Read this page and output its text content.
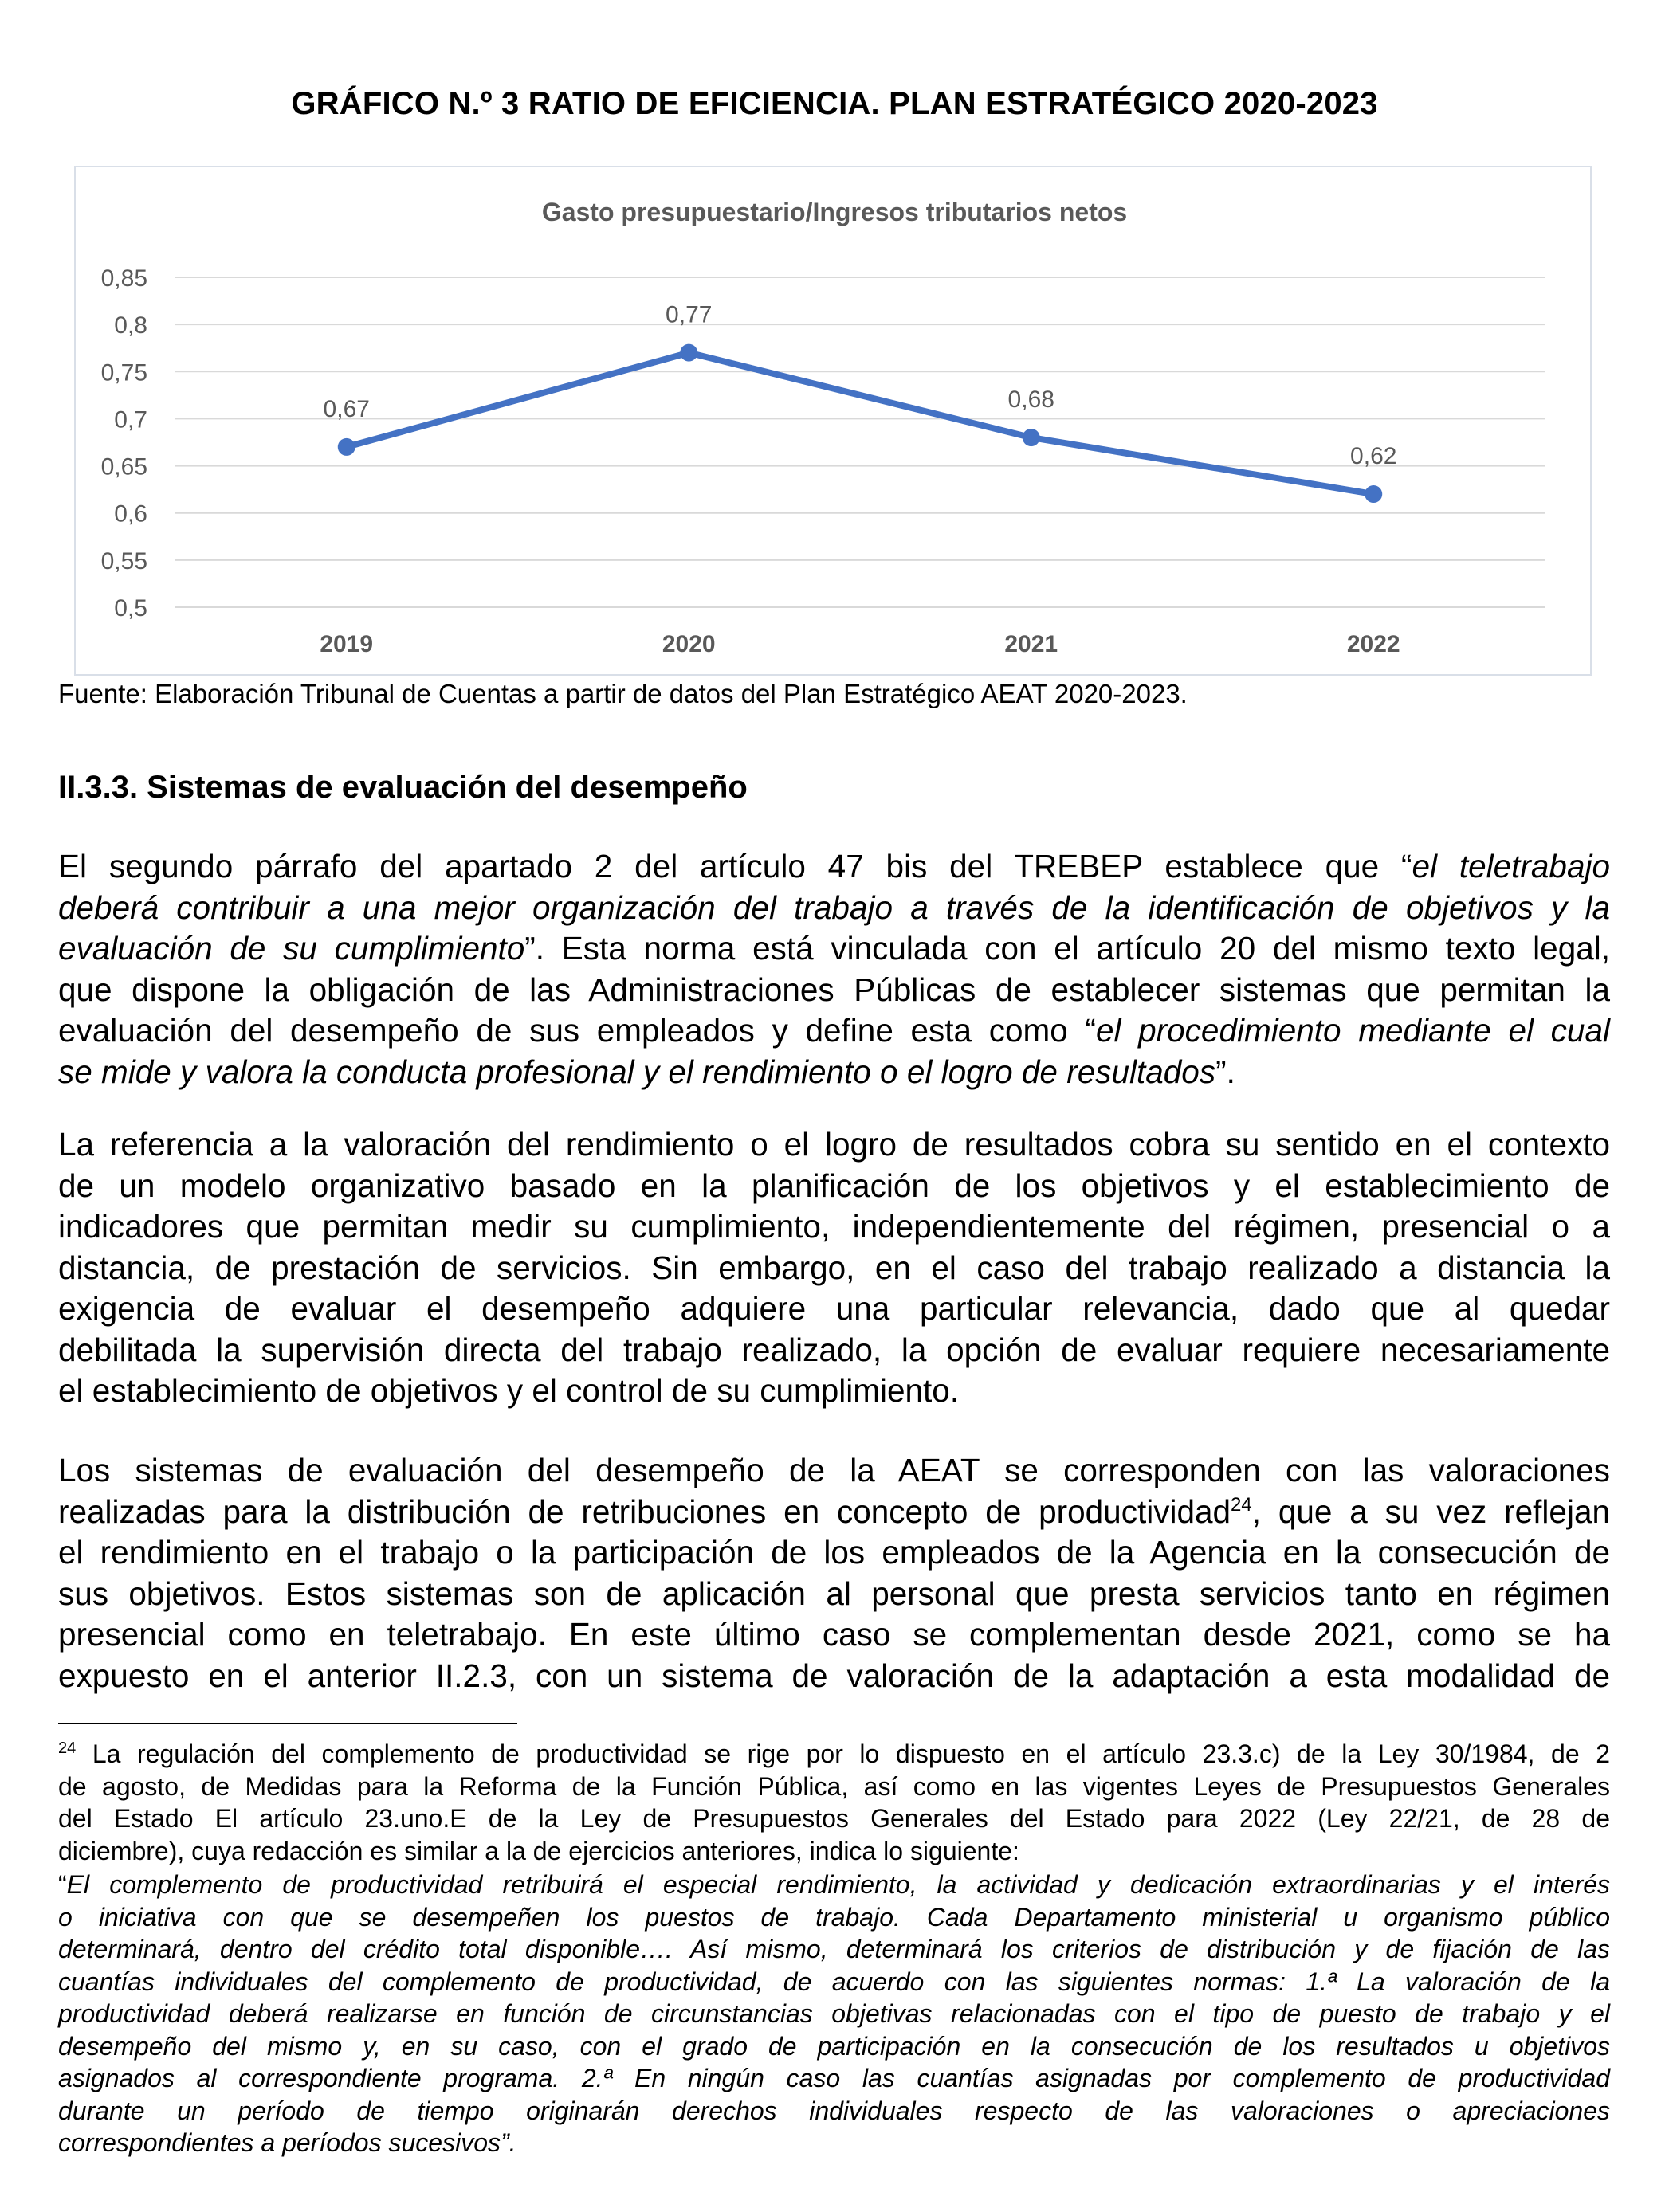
GRÁFICO N.º 3 RATIO DE EFICIENCIA. PLAN ESTRATÉGICO 2020-2023
Gasto presupuestario/Ingresos tributarios netos
0,5
0,55
0,6
0,65
0,7
0,75
0,8
0,85
2019	2020	2021	2022
0,67
0,77
0,68
0,62
Fuente: Elaboración Tribunal de Cuentas a partir de datos del Plan Estratégico AEAT 2020-2023.
II.3.3. Sistemas de evaluación del desempeño

El segundo párrafo del apartado 2 del artículo 47 bis del TREBEP establece que “el teletrabajo
deberá contribuir a una mejor organización del trabajo a través de la identificación de objetivos y la
evaluación de su cumplimiento”. Esta norma está vinculada con el artículo 20 del mismo texto legal,
que dispone la obligación de las Administraciones Públicas de establecer sistemas que permitan la
evaluación del desempeño de sus empleados y define esta como “el procedimiento mediante el cual
se mide y valora la conducta profesional y el rendimiento o el logro de resultados”.

La referencia a la valoración del rendimiento o el logro de resultados cobra su sentido en el contexto
de un modelo organizativo basado en la planificación de los objetivos y el establecimiento de
indicadores que permitan medir su cumplimiento, independientemente del régimen, presencial o a
distancia, de prestación de servicios. Sin embargo, en el caso del trabajo realizado a distancia la
exigencia de evaluar el desempeño adquiere una particular relevancia, dado que al quedar
debilitada la supervisión directa del trabajo realizado, la opción de evaluar requiere necesariamente
el establecimiento de objetivos y el control de su cumplimiento.

Los sistemas de evaluación del desempeño de la AEAT se corresponden con las valoraciones
realizadas para la distribución de retribuciones en concepto de productividad$^{24}$, que a su vez reflejan
el rendimiento en el trabajo o la participación de los empleados de la Agencia en la consecución de
sus objetivos. Estos sistemas son de aplicación al personal que presta servicios tanto en régimen
presencial como en teletrabajo. En este último caso se complementan desde 2021, como se ha
expuesto en el anterior II.2.3, con un sistema de valoración de la adaptación a esta modalidad de

$^{24}$ La regulación del complemento de productividad se rige por lo dispuesto en el artículo 23.3.c) de la Ley 30/1984, de 2
de agosto, de Medidas para la Reforma de la Función Pública, así como en las vigentes Leyes de Presupuestos Generales
del Estado El artículo 23.uno.E de la Ley de Presupuestos Generales del Estado para 2022 (Ley 22/21, de 28 de
diciembre), cuya redacción es similar a la de ejercicios anteriores, indica lo siguiente:

“El complemento de productividad retribuirá el especial rendimiento, la actividad y dedicación extraordinarias y el interés
o iniciativa con que se desempeñen los puestos de trabajo. Cada Departamento ministerial u organismo público
determinará, dentro del crédito total disponible…. Así mismo, determinará los criterios de distribución y de fijación de las
cuantías individuales del complemento de productividad, de acuerdo con las siguientes normas: 1.ª La valoración de la
productividad deberá realizarse en función de circunstancias objetivas relacionadas con el tipo de puesto de trabajo y el
desempeño del mismo y, en su caso, con el grado de participación en la consecución de los resultados u objetivos
asignados al correspondiente programa. 2.ª En ningún caso las cuantías asignadas por complemento de productividad
durante un período de tiempo originarán derechos individuales respecto de las valoraciones o apreciaciones
correspondientes a períodos sucesivos”.
